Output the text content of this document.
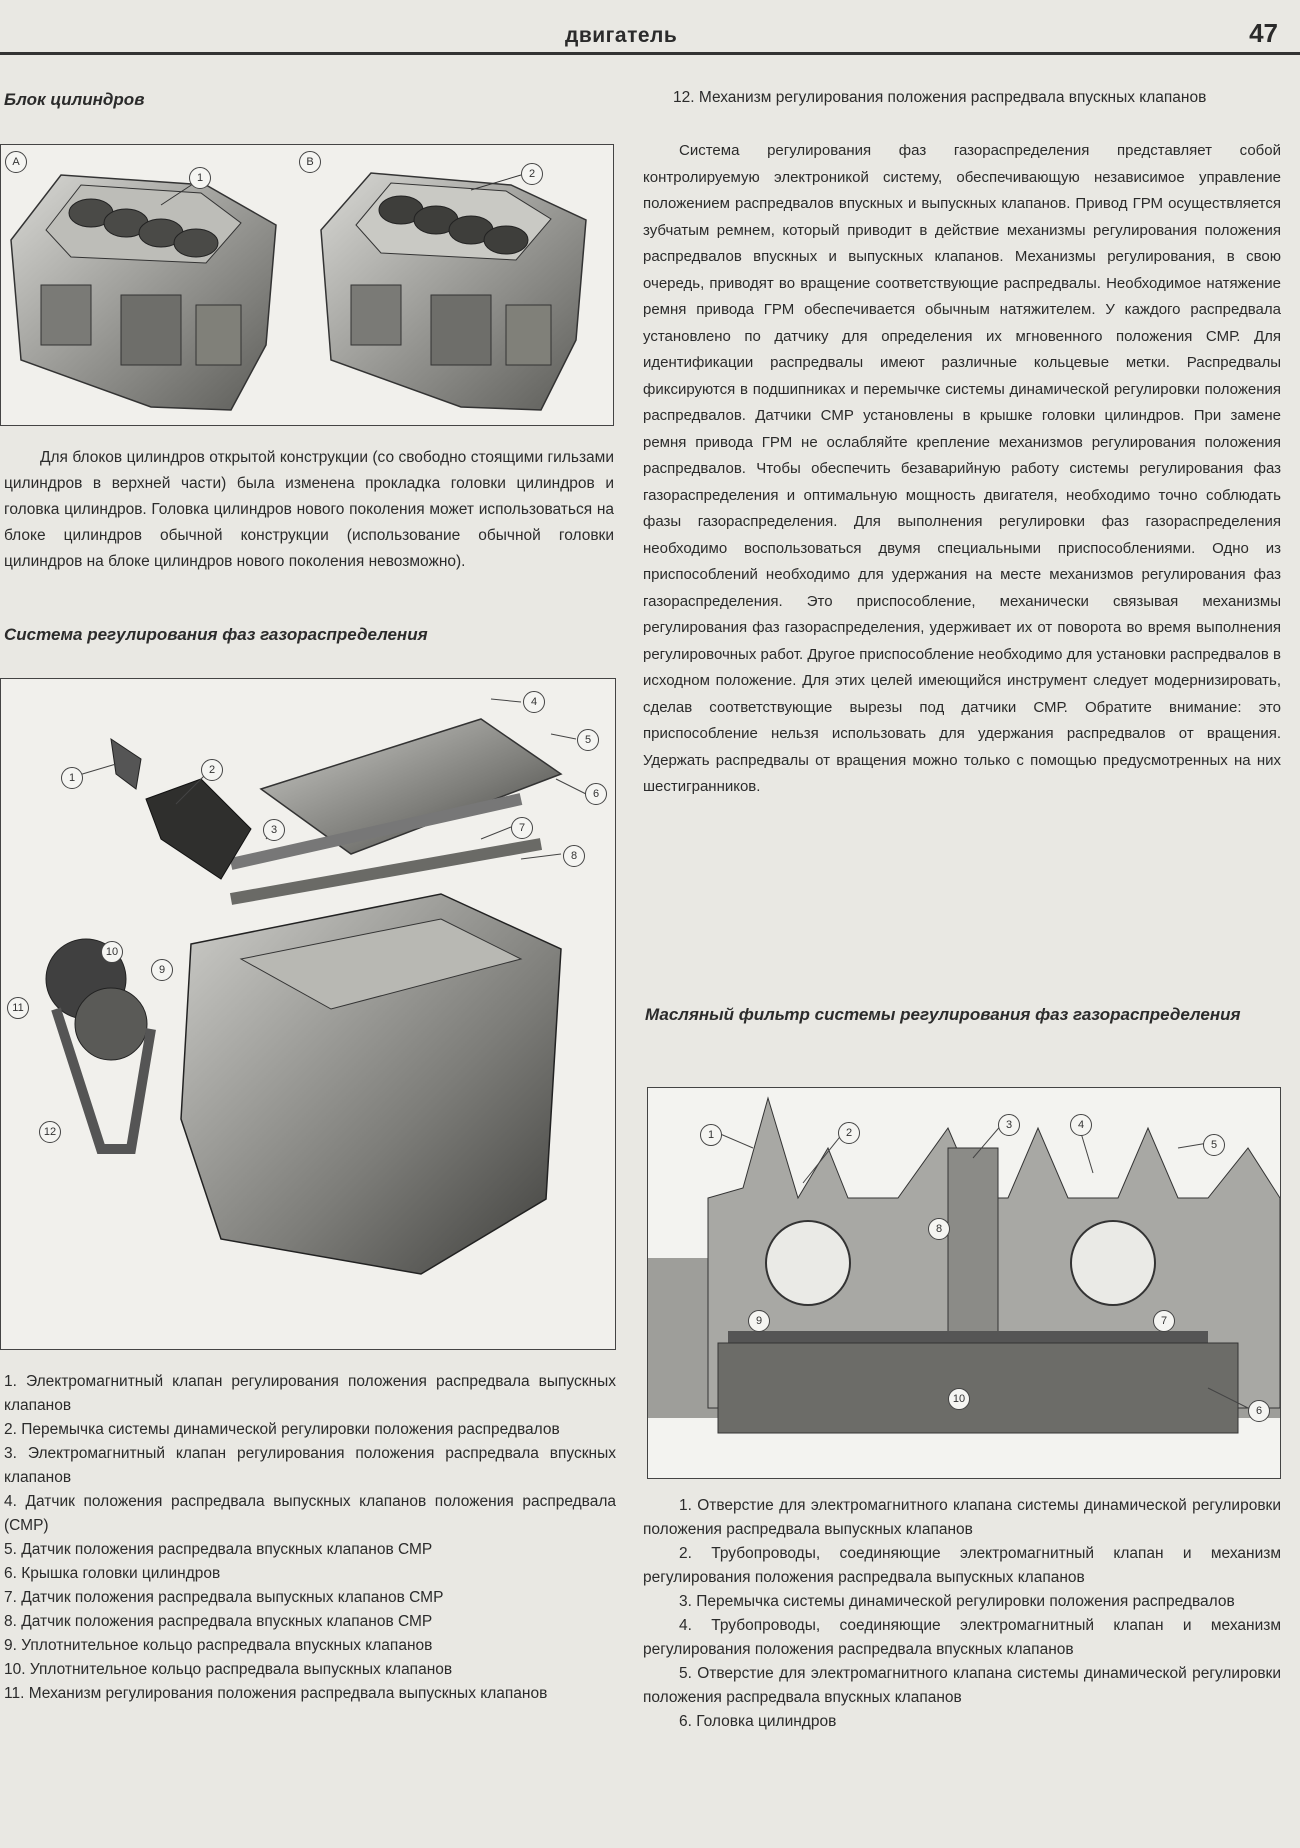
двигатель	47

Блок цилиндров

A	B
1	2

Для блоков цилиндров открытой конструкции (со свободно стоящими гильзами цилиндров в верхней части) была изменена прокладка головки цилиндров и головка цилиндров. Головка цилиндров нового поколения может использоваться на блоке цилиндров обычной конструкции (использование обычной головки цилиндров на блоке цилиндров нового поколения невозможно).

Система регулирования фаз газораспределения

1
2
3
4
5
6
7
8
9
10
11
12

1. Электромагнитный клапан регулирования положения распредвала выпускных клапанов

2. Перемычка системы динамической регулировки положения распредвалов

3. Электромагнитный клапан регулирования положения распредвала впускных клапанов

4. Датчик положения распредвала выпускных клапанов положения распредвала (СМР)

5. Датчик положения распредвала впускных клапанов СМР

6. Крышка головки цилиндров

7. Датчик положения распредвала выпускных клапанов СМР

8. Датчик положения распредвала впускных клапанов СМР

9. Уплотнительное кольцо распредвала впускных клапанов

10. Уплотнительное кольцо распредвала выпускных клапанов

11. Механизм регулирования положения распредвала выпускных клапанов

12. Механизм регулирования положения распредвала впускных клапанов

Система регулирования фаз газораспределения представляет собой контролируемую электроникой систему, обеспечивающую независимое управление положением распредвалов впускных и выпускных клапанов. Привод ГРМ осуществляется зубчатым ремнем, который приводит в действие механизмы регулирования положения распредвалов впускных и выпускных клапанов. Механизмы регулирования, в свою очередь, приводят во вращение соответствующие распредвалы. Необходимое натяжение ремня привода ГРМ обеспечивается обычным натяжителем. У каждого распредвала установлено по датчику для определения их мгновенного положения СМР. Для идентификации распредвалы имеют различные кольцевые метки. Распредвалы фиксируются в подшипниках и перемычке системы динамической регулировки положения распредвалов. Датчики СМР установлены в крышке головки цилиндров. При замене ремня привода ГРМ не ослабляйте крепление механизмов регулирования положения распредвалов. Чтобы обеспечить безаварийную работу системы регулирования фаз газораспределения и оптимальную мощность двигателя, необходимо точно соблюдать фазы газораспределения. Для выполнения регулировки фаз газораспределения необходимо воспользоваться двумя специальными приспособлениями. Одно из приспособлений необходимо для удержания на месте механизмов регулирования фаз газораспределения. Это приспособление, механически связывая механизмы регулирования фаз газораспределения, удерживает их от поворота во время выполнения регулировочных работ. Другое приспособление необходимо для установки распредвалов в исходном положение. Для этих целей имеющийся инструмент следует модернизировать, сделав соответствующие вырезы под датчики СМР. Обратите внимание: это приспособление нельзя использовать для удержания распредвалов от вращения. Удержать распредвалы от вращения можно только с помощью предусмотренных на них шестигранников.

Масляный фильтр системы регулирования фаз газораспределения

1	2
3	4
5
6
7
8
9
10

1. Отверстие для электромагнитного клапана системы динамической регулировки положения распредвала выпускных клапанов

2. Трубопроводы, соединяющие электромагнитный клапан и механизм регулирования положения распредвала выпускных клапанов

3. Перемычка системы динамической регулировки положения распредвалов

4. Трубопроводы, соединяющие электромагнитный клапан и механизм регулирования положения распредвала впускных клапанов

5. Отверстие для электромагнитного клапана системы динамической регулировки положения распредвала впускных клапанов

6. Головка цилиндров
